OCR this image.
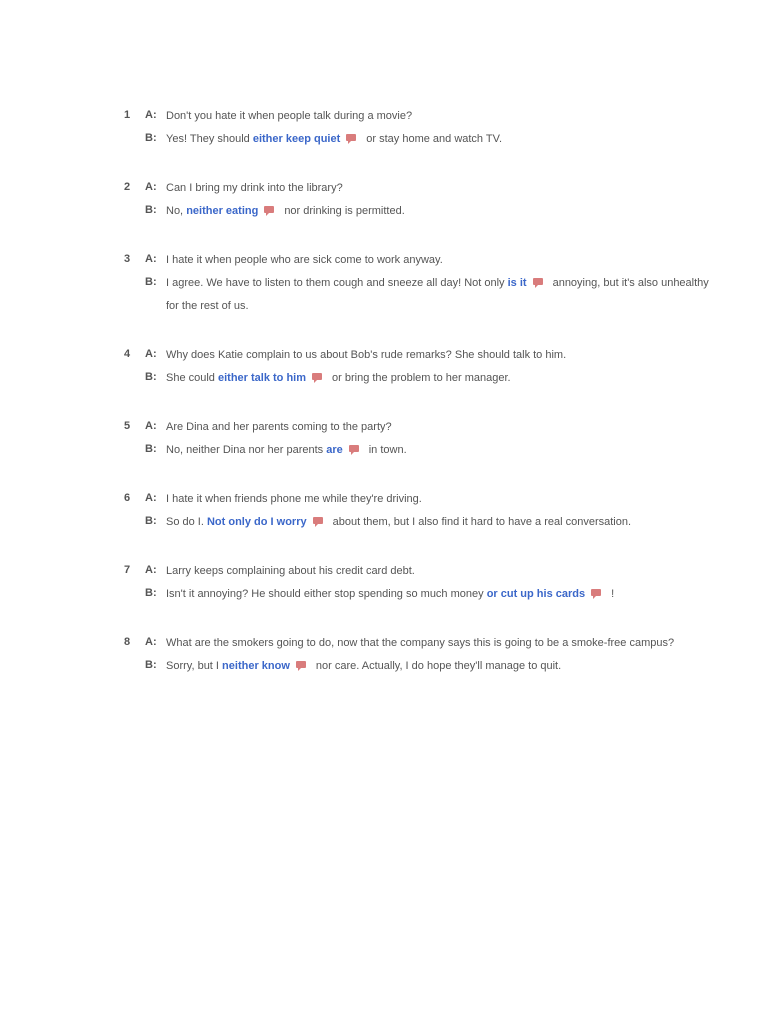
1	A: Don't you hate it when people talk during a movie?
B: Yes! They should either keep quiet or stay home and watch TV.
2	A: Can I bring my drink into the library?
B: No, neither eating nor drinking is permitted.
3	A: I hate it when people who are sick come to work anyway.
B: I agree. We have to listen to them cough and sneeze all day! Not only is it annoying, but it's also unhealthy
for the rest of us.
4	A: Why does Katie complain to us about Bob's rude remarks? She should talk to him.
B: She could either talk to him or bring the problem to her manager.
5	A: Are Dina and her parents coming to the party?
B: No, neither Dina nor her parents are in town.
6	A: I hate it when friends phone me while they're driving.
B: So do I. Not only do I worry about them, but I also find it hard to have a real conversation.
7	A: Larry keeps complaining about his credit card debt.
B: Isn't it annoying? He should either stop spending so much money or cut up his cards !
8	A: What are the smokers going to do, now that the company says this is going to be a smoke-free campus?
B: Sorry, but I neither know nor care. Actually, I do hope they'll manage to quit.
